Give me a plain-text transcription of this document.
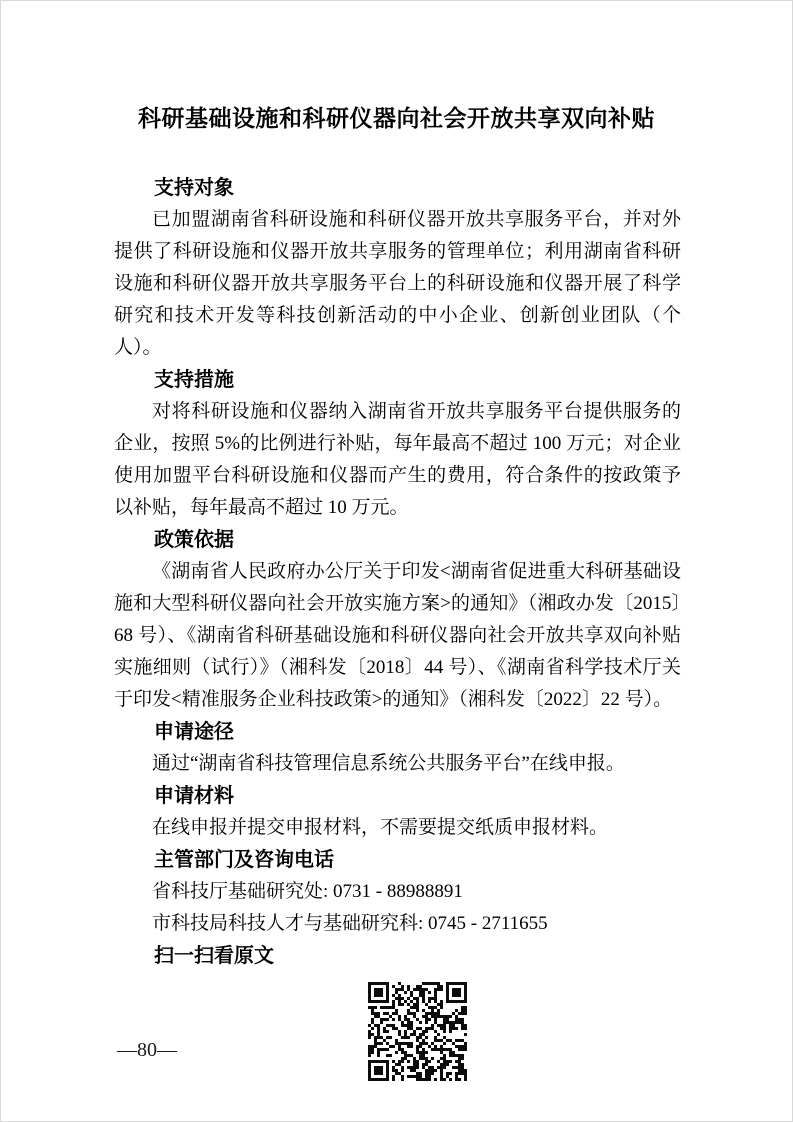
科研基础设施和科研仪器向社会开放共享双向补贴
支持对象

已加盟湖南省科研设施和科研仪器开放共享服务平台，并对外提供了科研设施和仪器开放共享服务的管理单位；利用湖南省科研设施和科研仪器开放共享服务平台上的科研设施和仪器开展了科学研究和技术开发等科技创新活动的中小企业、创新创业团队（个人）。

支持措施

对将科研设施和仪器纳入湖南省开放共享服务平台提供服务的企业，按照 5%的比例进行补贴，每年最高不超过 100 万元；对企业使用加盟平台科研设施和仪器而产生的费用，符合条件的按政策予以补贴，每年最高不超过 10 万元。

政策依据

《湖南省人民政府办公厅关于印发<湖南省促进重大科研基础设施和大型科研仪器向社会开放实施方案>的通知》（湘政办发〔2015〕68 号）、《湖南省科研基础设施和科研仪器向社会开放共享双向补贴实施细则（试行）》（湘科发〔2018〕44 号）、《湖南省科学技术厅关于印发<精准服务企业科技政策>的通知》（湘科发〔2022〕22 号）。

申请途径

通过“湖南省科技管理信息系统公共服务平台”在线申报。

申请材料

在线申报并提交申报材料，不需要提交纸质申报材料。

主管部门及咨询电话

省科技厅基础研究处: 0731 - 88988891

市科技局科技人才与基础研究科: 0745 - 2711655

扫一扫看原文
—80—
